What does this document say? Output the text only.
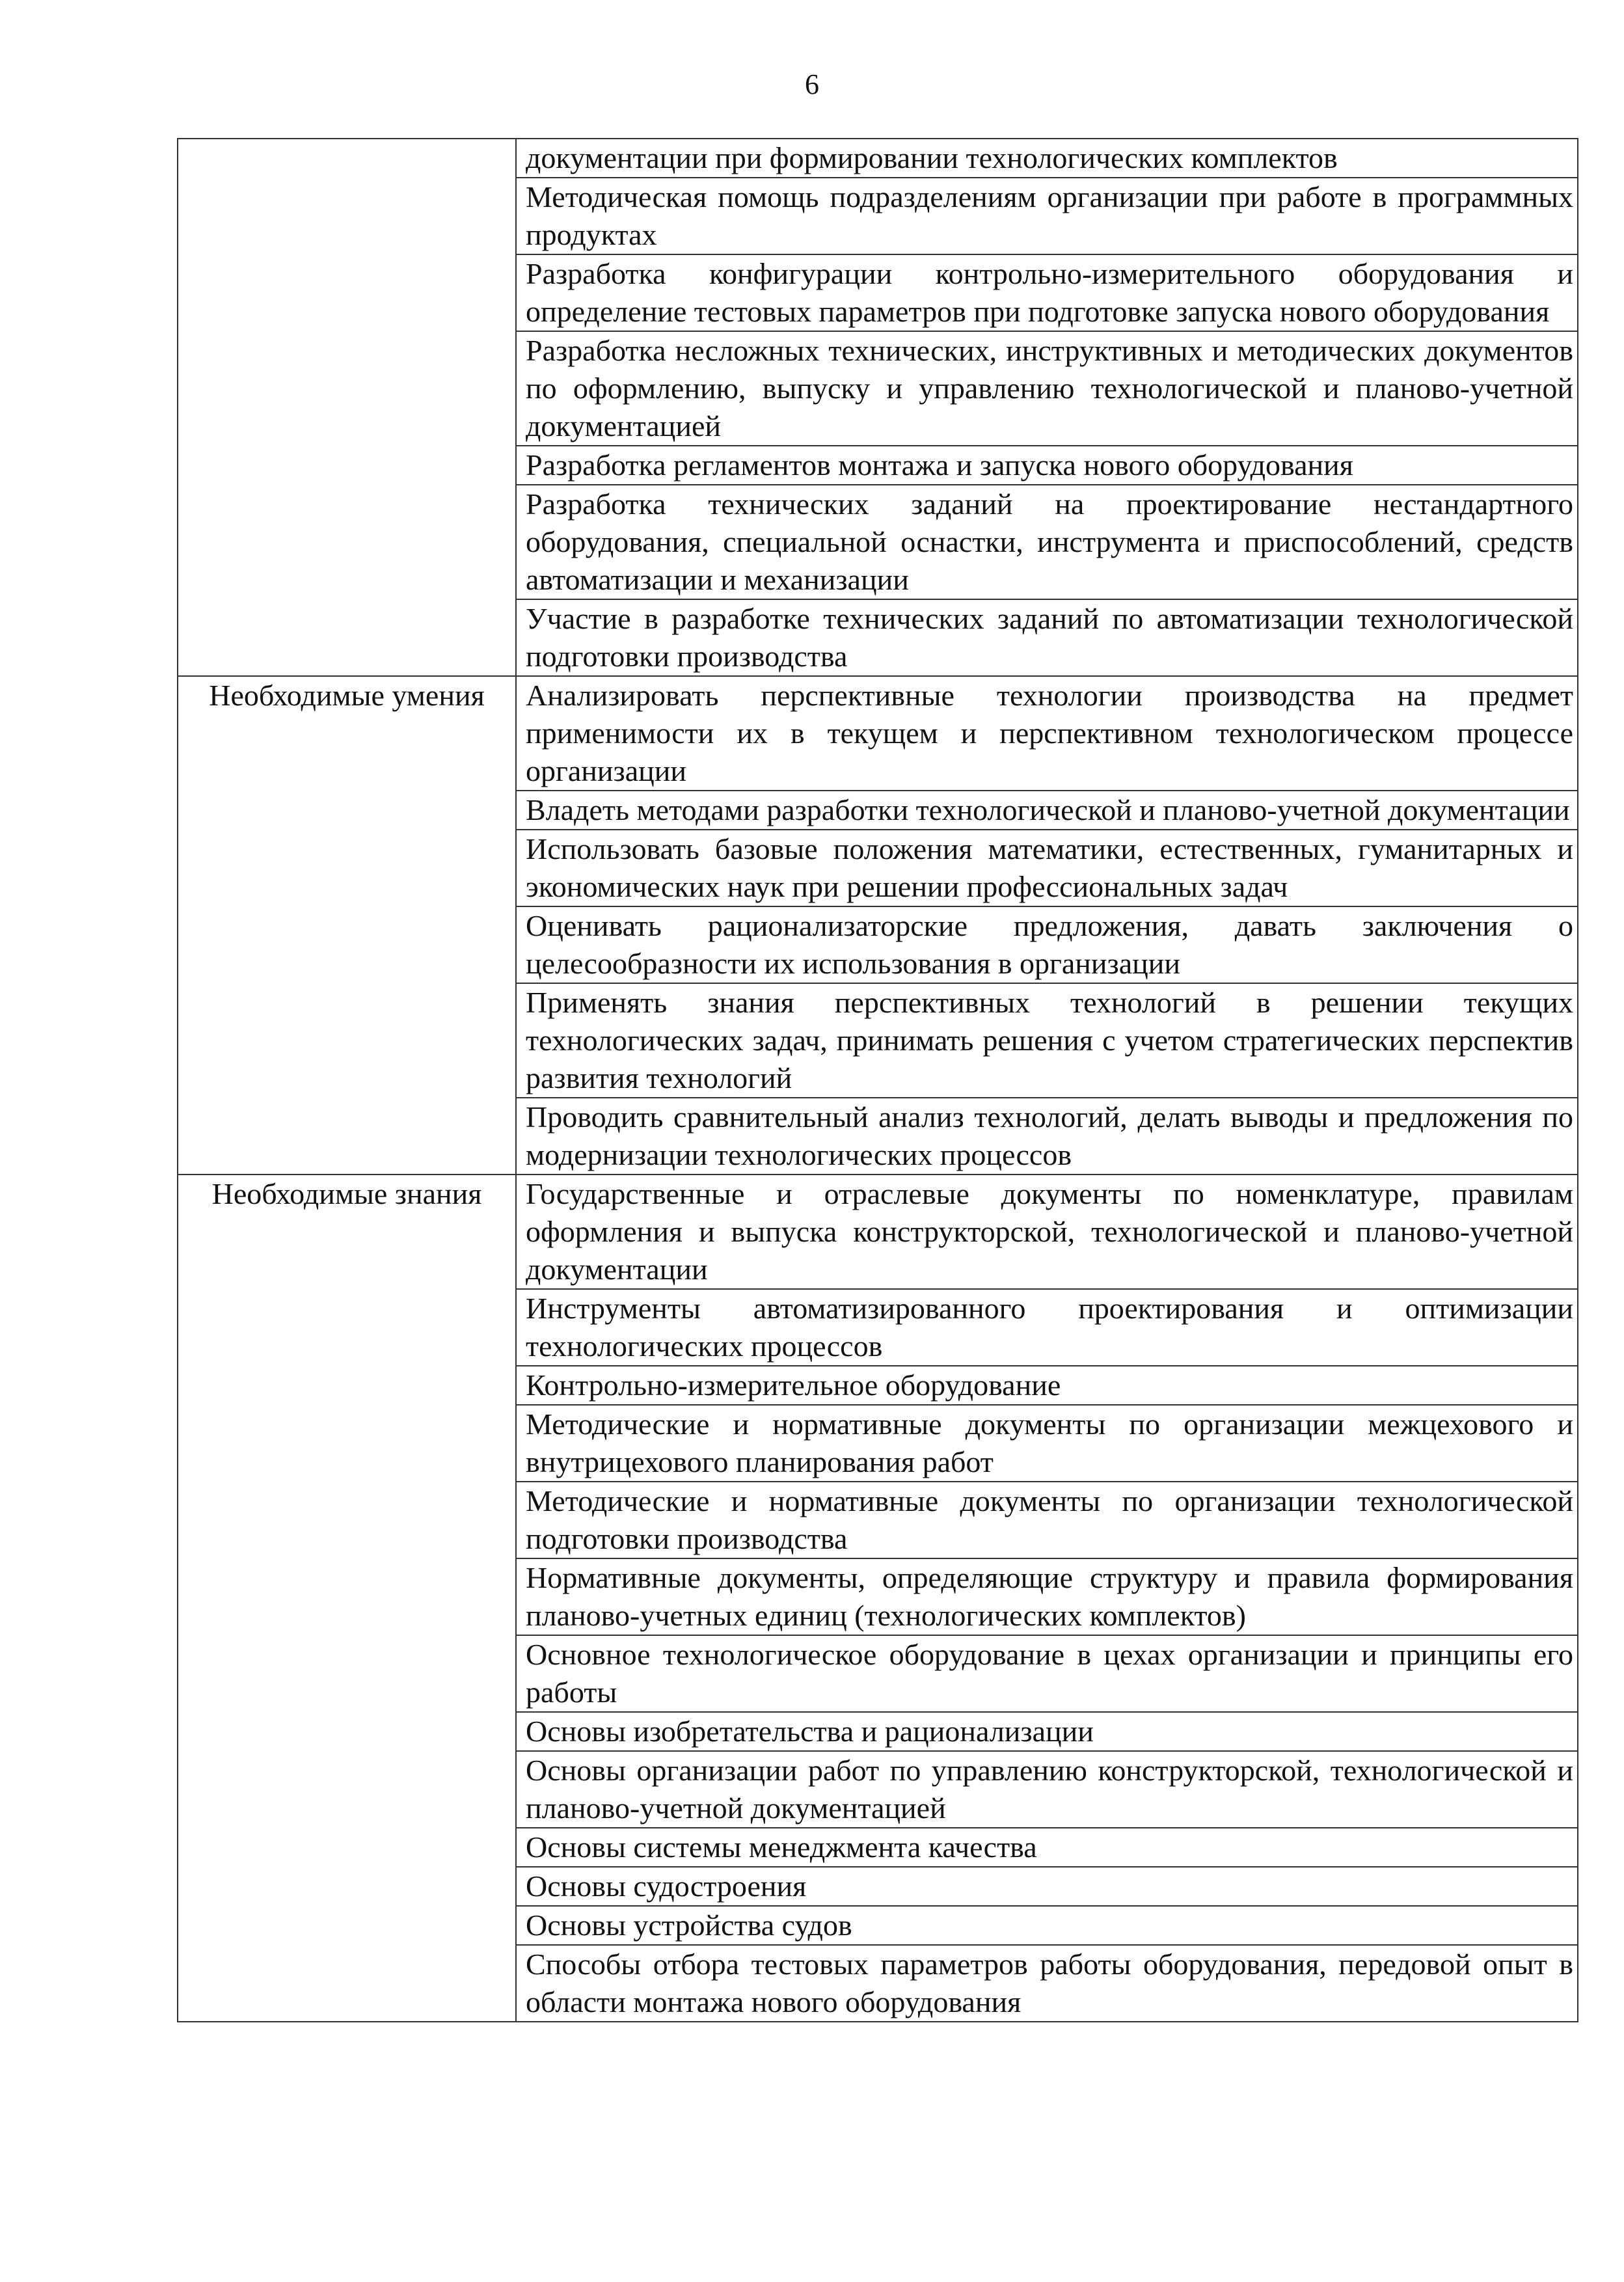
6
	документации при формировании технологических комплектов
	Методическая помощь подразделениям организации при работе в программных продуктах
	Разработка конфигурации контрольно-измерительного оборудования и определение тестовых параметров при подготовке запуска нового оборудования
	Разработка несложных технических, инструктивных и методических документов по оформлению, выпуску и управлению технологической и планово-учетной документацией
	Разработка регламентов монтажа и запуска нового оборудования
	Разработка технических заданий на проектирование нестандартного оборудования, специальной оснастки, инструмента и приспособлений, средств автоматизации и механизации
	Участие в разработке технических заданий по автоматизации технологической подготовки производства
Необходимые умения	Анализировать перспективные технологии производства на предмет применимости их в текущем и перспективном технологическом процессе организации
	Владеть методами разработки технологической и планово-учетной документации
	Использовать базовые положения математики, естественных, гуманитарных и экономических наук при решении профессиональных задач
	Оценивать рационализаторские предложения, давать заключения о целесообразности их использования в организации
	Применять знания перспективных технологий в решении текущих технологических задач, принимать решения с учетом стратегических перспектив развития технологий
	Проводить сравнительный анализ технологий, делать выводы и предложения по модернизации технологических процессов
Необходимые знания	Государственные и отраслевые документы по номенклатуре, правилам оформления и выпуска конструкторской, технологической и планово-учетной документации
	Инструменты автоматизированного проектирования и оптимизации технологических процессов
	Контрольно-измерительное оборудование
	Методические и нормативные документы по организации межцехового и внутрицехового планирования работ
	Методические и нормативные документы по организации технологической подготовки производства
	Нормативные документы, определяющие структуру и правила формирования планово-учетных единиц (технологических комплектов)
	Основное технологическое оборудование в цехах организации и принципы его работы
	Основы изобретательства и рационализации
	Основы организации работ по управлению конструкторской, технологической и планово-учетной документацией
	Основы системы менеджмента качества
	Основы судостроения
	Основы устройства судов
	Способы отбора тестовых параметров работы оборудования, передовой опыт в области монтажа нового оборудования
